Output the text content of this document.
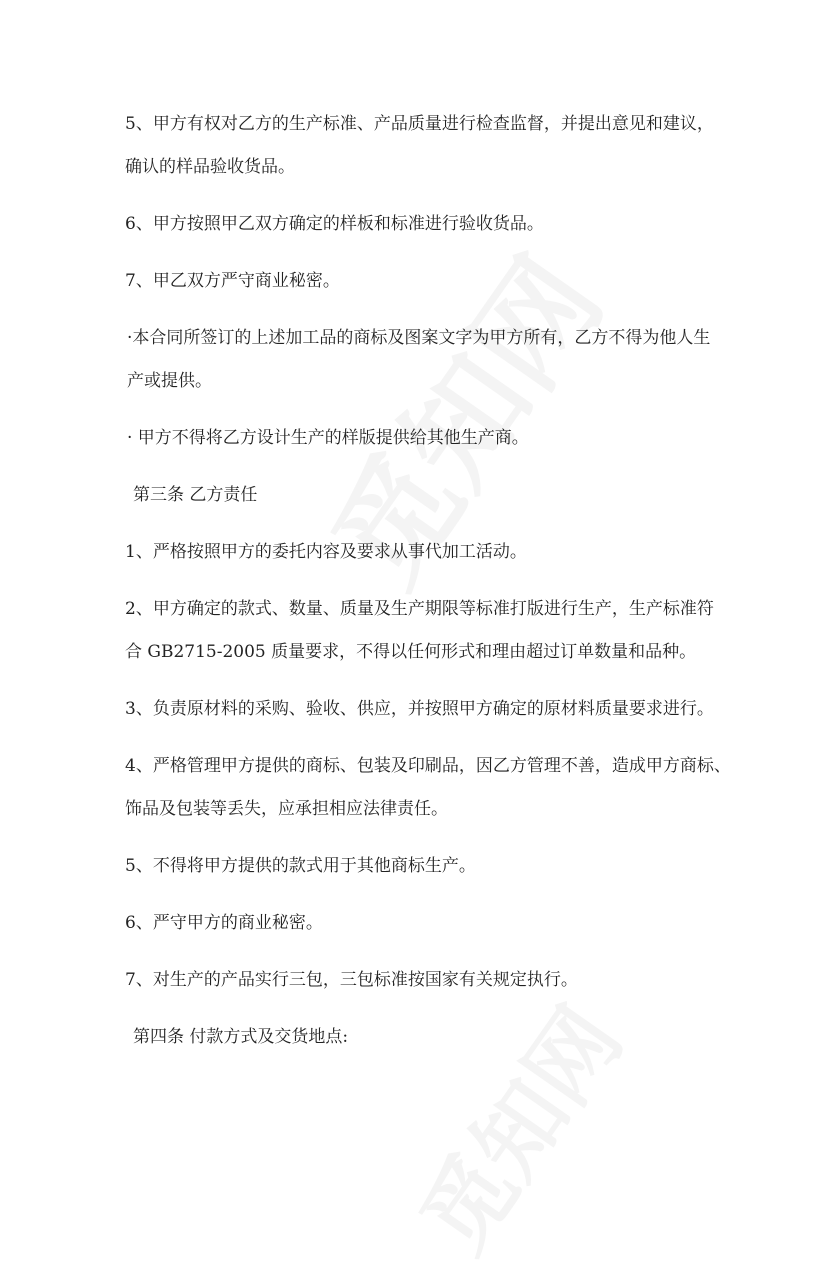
5、甲方有权对乙方的生产标准、产品质量进行检查监督，并提出意见和建议，
确认的样品验收货品。
6、甲方按照甲乙双方确定的样板和标准进行验收货品。
7、甲乙双方严守商业秘密。
·本合同所签订的上述加工品的商标及图案文字为甲方所有，乙方不得为他人生
产或提供。
· 甲方不得将乙方设计生产的样版提供给其他生产商。
第三条 乙方责任
1、严格按照甲方的委托内容及要求从事代加工活动。
2、甲方确定的款式、数量、质量及生产期限等标准打版进行生产，生产标准符
合 GB2715-2005 质量要求，不得以任何形式和理由超过订单数量和品种。
3、负责原材料的采购、验收、供应，并按照甲方确定的原材料质量要求进行。
4、严格管理甲方提供的商标、包装及印刷品，因乙方管理不善，造成甲方商标、
饰品及包装等丢失，应承担相应法律责任。
5、不得将甲方提供的款式用于其他商标生产。
6、严守甲方的商业秘密。
7、对生产的产品实行三包，三包标准按国家有关规定执行。
第四条 付款方式及交货地点:
